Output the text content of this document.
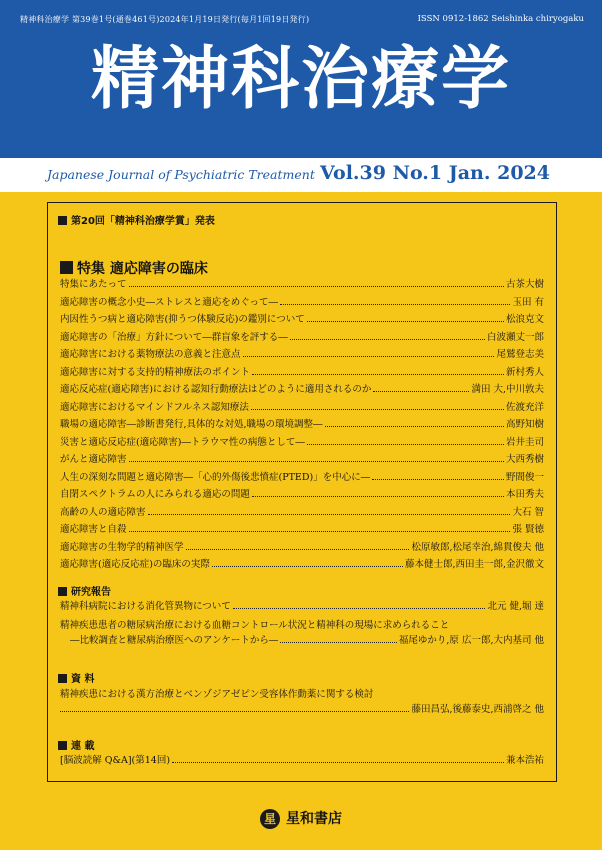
精神科治療学 第39巻1号(通巻461号)2024年1月19日発行(毎月1回19日発行)	ISSN 0912-1862 Seishinka chiryogaku
精神科治療学
Japanese Journal of Psychiatric Treatment Vol.39 No.1 Jan. 2024
第20回「精神科治療学賞」発表
特集 適応障害の臨床
特集にあたって	古茶大樹
適応障害の概念小史―ストレスと適応をめぐって―	玉田 有
内因性うつ病と適応障害(抑うつ体験反応)の鑑別について	松浪克文
適応障害の「治療」方針について―群盲象を評する―	白波瀬丈一郎
適応障害における薬物療法の意義と注意点	尾鷲登志美
適応障害に対する支持的精神療法のポイント	新村秀人
適応反応症(適応障害)における認知行動療法はどのように適用されるのか	満田 大,中川敦夫
適応障害におけるマインドフルネス認知療法	佐渡充洋
職場の適応障害―診断書発行,具体的な対処,職場の環境調整―	高野知樹
災害と適応反応症(適応障害)―トラウマ性の病態として―	岩井圭司
がんと適応障害	大西秀樹
人生の深刻な問題と適応障害―「心的外傷後悲憤症(PTED)」を中心に―	野間俊一
自閉スペクトラムの人にみられる適応の問題	本田秀夫
高齢の人の適応障害	大石 智
適応障害と自殺	張 賢徳
適応障害の生物学的精神医学	松原敏郎,松尾幸治,綿貫俊夫 他
適応障害(適応反応症)の臨床の実際	藤本健士郎,西田圭一郎,金沢徹文
研究報告
精神科病院における消化管異物について	北元 健,堀 達
精神疾患患者の糖尿病治療における血糖コントロール状況と精神科の現場に求められること
―比較調査と糖尿病治療医へのアンケートから―	福尾ゆかり,原 広一郎,大内基司 他
資 料
精神疾患における漢方治療とベンゾジアゼピン受容体作動薬に関する検討
藤田昌弘,後藤泰史,西浦啓之 他
連 載
[脳波読解 Q&A](第14回)	兼本浩祐
星 星和書店
